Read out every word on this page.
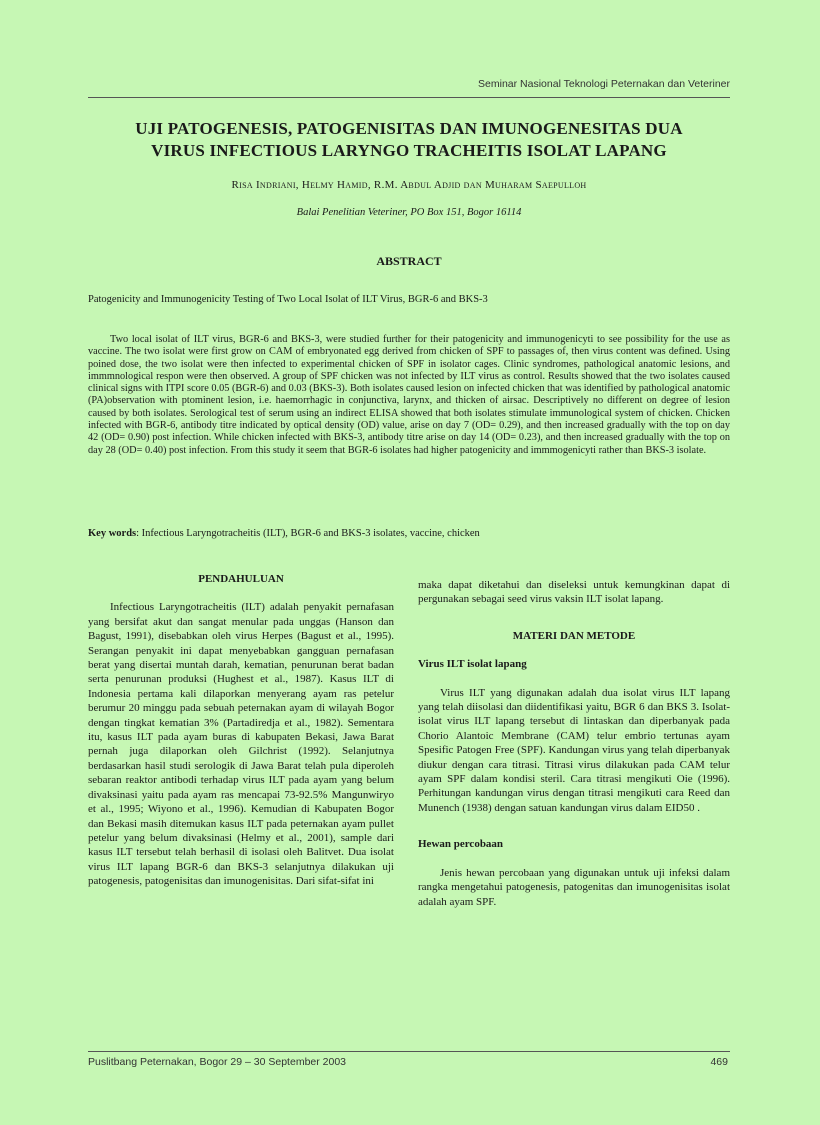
Seminar Nasional Teknologi Peternakan dan Veteriner
UJI PATOGENESIS, PATOGENISITAS DAN IMUNOGENESITAS DUA
VIRUS INFECTIOUS LARYNGO TRACHEITIS ISOLAT LAPANG
Risa Indriani, Helmy Hamid, R.M. Abdul Adjid dan Muharam Saepulloh
Balai Penelitian Veteriner, PO Box 151, Bogor 16114
ABSTRACT
Patogenicity and Immunogenicity Testing of Two Local Isolat of ILT Virus, BGR-6 and BKS-3

Two local isolat of ILT virus, BGR-6 and BKS-3, were studied further for their patogenicity and immunogenicyti to see possibility for the use as vaccine. The two isolat were first grow on CAM of embryonated egg derived from chicken of SPF to passages of, then virus content was defined. Using poined dose, the two isolat were then infected to experimental chicken of SPF in isolator cages. Clinic syndromes, pathological anatomic lesions, and immmnological respon were then observed. A group of SPF chicken was not infected by ILT virus as control. Results showed that the two isolates caused clinical signs with ITPI score 0.05 (BGR-6) and 0.03 (BKS-3). Both isolates caused lesion on infected chicken that was identified by pathological anatomic (PA)observation with ptominent lesion, i.e. haemorrhagic in conjunctiva, larynx, and thicken of airsac. Descriptively no different on degree of lesion caused by both isolates. Serological test of serum using an indirect ELISA showed that both isolates stimulate immunological system of chicken. Chicken infected with BGR-6, antibody titre indicated by optical density (OD) value, arise on day 7 (OD= 0.29), and then increased gradually with the top on day 42 (OD= 0.90) post infection. While chicken infected with BKS-3, antibody titre arise on day 14 (OD= 0.23), and then increased gradually with the top on day 28 (OD= 0.40) post infection. From this study it seem that BGR-6 isolates had higher patogenicity and immmogenicyti rather than BKS-3 isolate.

Key words: Infectious Laryngotracheitis (ILT), BGR-6 and BKS-3 isolates, vaccine, chicken
PENDAHULUAN

Infectious Laryngotracheitis (ILT) adalah penyakit pernafasan yang bersifat akut dan sangat menular pada unggas (Hanson dan Bagust, 1991), disebabkan oleh virus Herpes (Bagust et al., 1995). Serangan penyakit ini dapat menyebabkan gangguan pernafasan berat yang disertai muntah darah, kematian, penurunan berat badan serta penurunan produksi (Hughest et al., 1987). Kasus ILT di Indonesia pertama kali dilaporkan menyerang ayam ras petelur berumur 20 minggu pada sebuah peternakan ayam di wilayah Bogor dengan tingkat kematian 3% (Partadiredja et al., 1982). Sementara itu, kasus ILT pada ayam buras di kabupaten Bekasi, Jawa Barat pernah juga dilaporkan oleh Gilchrist (1992). Selanjutnya berdasarkan hasil studi serologik di Jawa Barat telah pula diperoleh sebaran reaktor antibodi terhadap virus ILT pada ayam yang belum divaksinasi yaitu pada ayam ras mencapai 73-92.5% Mangunwiryo et al., 1995; Wiyono et al., 1996). Kemudian di Kabupaten Bogor dan Bekasi masih ditemukan kasus ILT pada peternakan ayam pullet petelur yang belum divaksinasi (Helmy et al., 2001), sample dari kasus ILT tersebut telah berhasil di isolasi oleh Balitvet. Dua isolat virus ILT lapang BGR-6 dan BKS-3 selanjutnya dilakukan uji patogenesis, patogenisitas dan imunogenisitas. Dari sifat-sifat ini

maka dapat diketahui dan diseleksi untuk kemungkinan dapat di pergunakan sebagai seed virus vaksin ILT isolat lapang.

MATERI DAN METODE
Virus ILT isolat lapang

Virus ILT yang digunakan adalah dua isolat virus ILT lapang yang telah diisolasi dan diidentifikasi yaitu, BGR 6 dan BKS 3. Isolat-isolat virus ILT lapang tersebut di lintaskan dan diperbanyak pada Chorio Alantoic Membrane (CAM) telur embrio tertunas ayam Spesific Patogen Free (SPF). Kandungan virus yang telah diperbanyak diukur dengan cara titrasi. Titrasi virus dilakukan pada CAM telur ayam SPF dalam kondisi steril. Cara titrasi mengikuti Oie (1996). Perhitungan kandungan virus dengan titrasi mengikuti cara Reed dan Munench (1938) dengan satuan kandungan virus dalam EID50 .

Hewan percobaan

Jenis hewan percobaan yang digunakan untuk uji infeksi dalam rangka mengetahui patogenesis, patogenitas dan imunogenisitas isolat adalah ayam SPF.

Puslitbang Peternakan, Bogor 29 – 30 September 2003	469
